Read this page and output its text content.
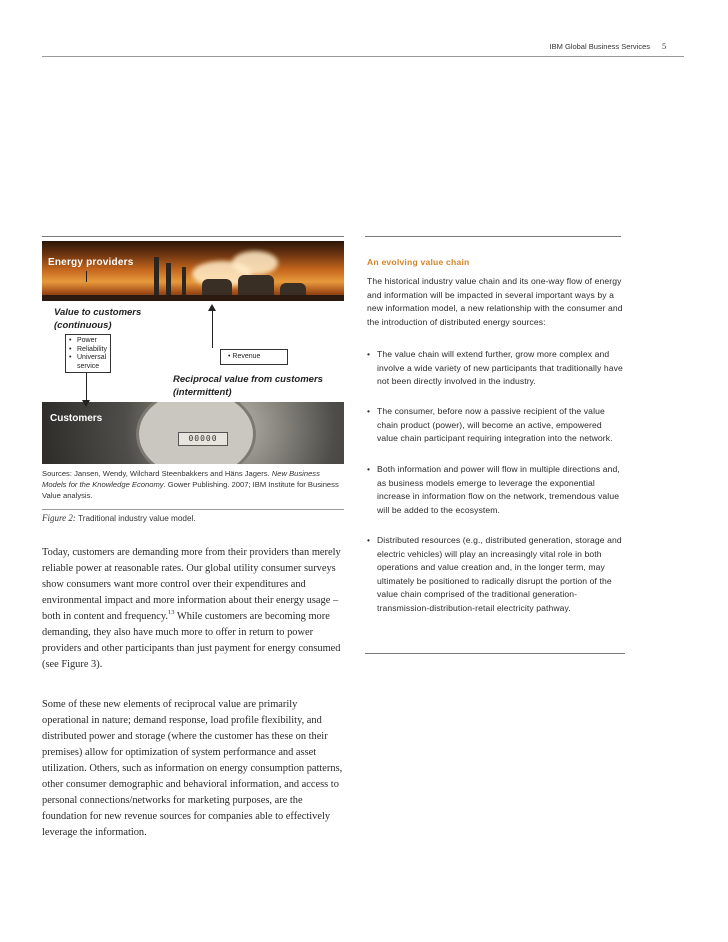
IBM Global Business Services 5
Energy providers
Value to customers
(continuous)
• Power
• Reliability
• Universal service
• Revenue
Reciprocal value from customers
(intermittent)
00000
Customers
Sources: Jansen, Wendy, Wilchard Steenbakkers and Häns Jagers. New Business Models for the Knowledge Economy. Gower Publishing. 2007; IBM Institute for Business Value analysis.
Figure 2: Traditional industry value model.
Today, customers are demanding more from their providers than merely reliable power at reasonable rates. Our global utility consumer surveys show consumers want more control over their expenditures and environmental impact and more information about their energy usage – both in content and frequency.$^{13}$ While customers are becoming more demanding, they also have much more to offer in return to power providers and other participants than just payment for energy consumed (see Figure 3).
Some of these new elements of reciprocal value are primarily operational in nature; demand response, load profile flexibility, and distributed power and storage (where the customer has these on their premises) allow for optimization of system performance and asset utilization. Others, such as information on energy consumption patterns, other consumer demographic and behavioral information, and access to personal connections/networks for marketing purposes, are the foundation for new revenue sources for companies able to effectively leverage the information.
An evolving value chain
The historical industry value chain and its one-way flow of energy and information will be impacted in several important ways by a new information model, a new relationship with the consumer and the introduction of distributed energy sources:
• The value chain will extend further, grow more complex and involve a wide variety of new participants that traditionally have not been directly involved in the industry.
• The consumer, before now a passive recipient of the value chain product (power), will become an active, empowered value chain participant requiring integration into the network.
• Both information and power will flow in multiple directions and, as business models emerge to leverage the exponential increase in information flow on the network, tremendous value will be added to the ecosystem.
• Distributed resources (e.g., distributed generation, storage and electric vehicles) will play an increasingly vital role in both operations and value creation and, in the longer term, may ultimately be positioned to radically disrupt the portion of the value chain comprised of the traditional generation-transmission-distribution-retail electricity pathway.
